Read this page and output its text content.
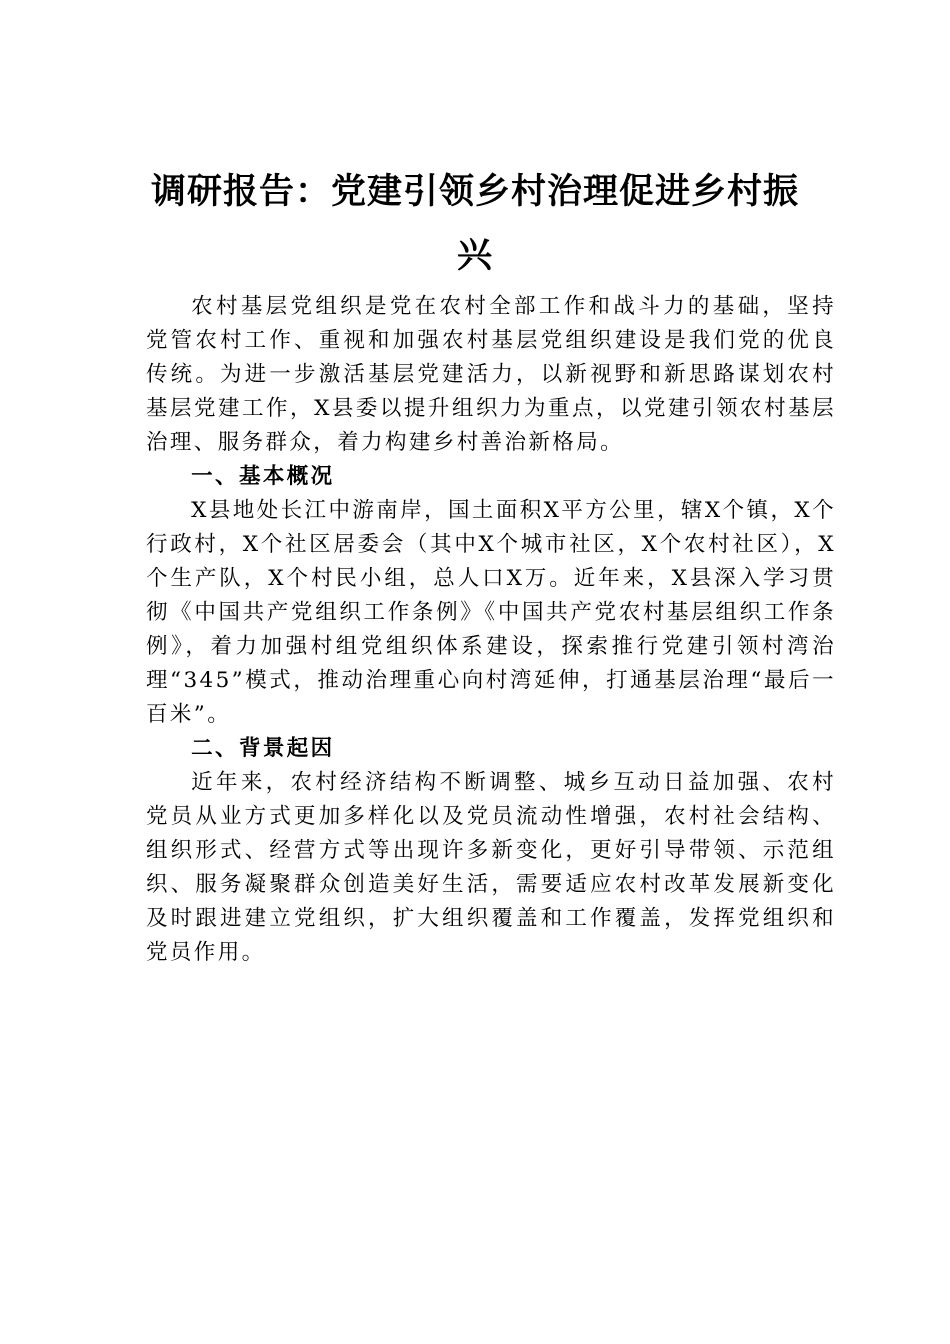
调研报告：党建引领乡村治理促进乡村振兴

农村基层党组织是党在农村全部工作和战斗力的基础，坚持党管农村工作、重视和加强农村基层党组织建设是我们党的优良传统。为进一步激活基层党建活力，以新视野和新思路谋划农村基层党建工作，X县委以提升组织力为重点，以党建引领农村基层治理、服务群众，着力构建乡村善治新格局。

一、基本概况

X县地处长江中游南岸，国土面积X平方公里，辖X个镇，X个行政村，X个社区居委会（其中X个城市社区，X个农村社区），X个生产队，X个村民小组，总人口X万。近年来，X县深入学习贯彻《中国共产党组织工作条例》《中国共产党农村基层组织工作条例》，着力加强村组党组织体系建设，探索推行党建引领村湾治理“345”模式，推动治理重心向村湾延伸，打通基层治理“最后一百米”。

二、背景起因

近年来，农村经济结构不断调整、城乡互动日益加强、农村党员从业方式更加多样化以及党员流动性增强，农村社会结构、组织形式、经营方式等出现许多新变化，更好引导带领、示范组织、服务凝聚群众创造美好生活，需要适应农村改革发展新变化及时跟进建立党组织，扩大组织覆盖和工作覆盖，发挥党组织和党员作用。
